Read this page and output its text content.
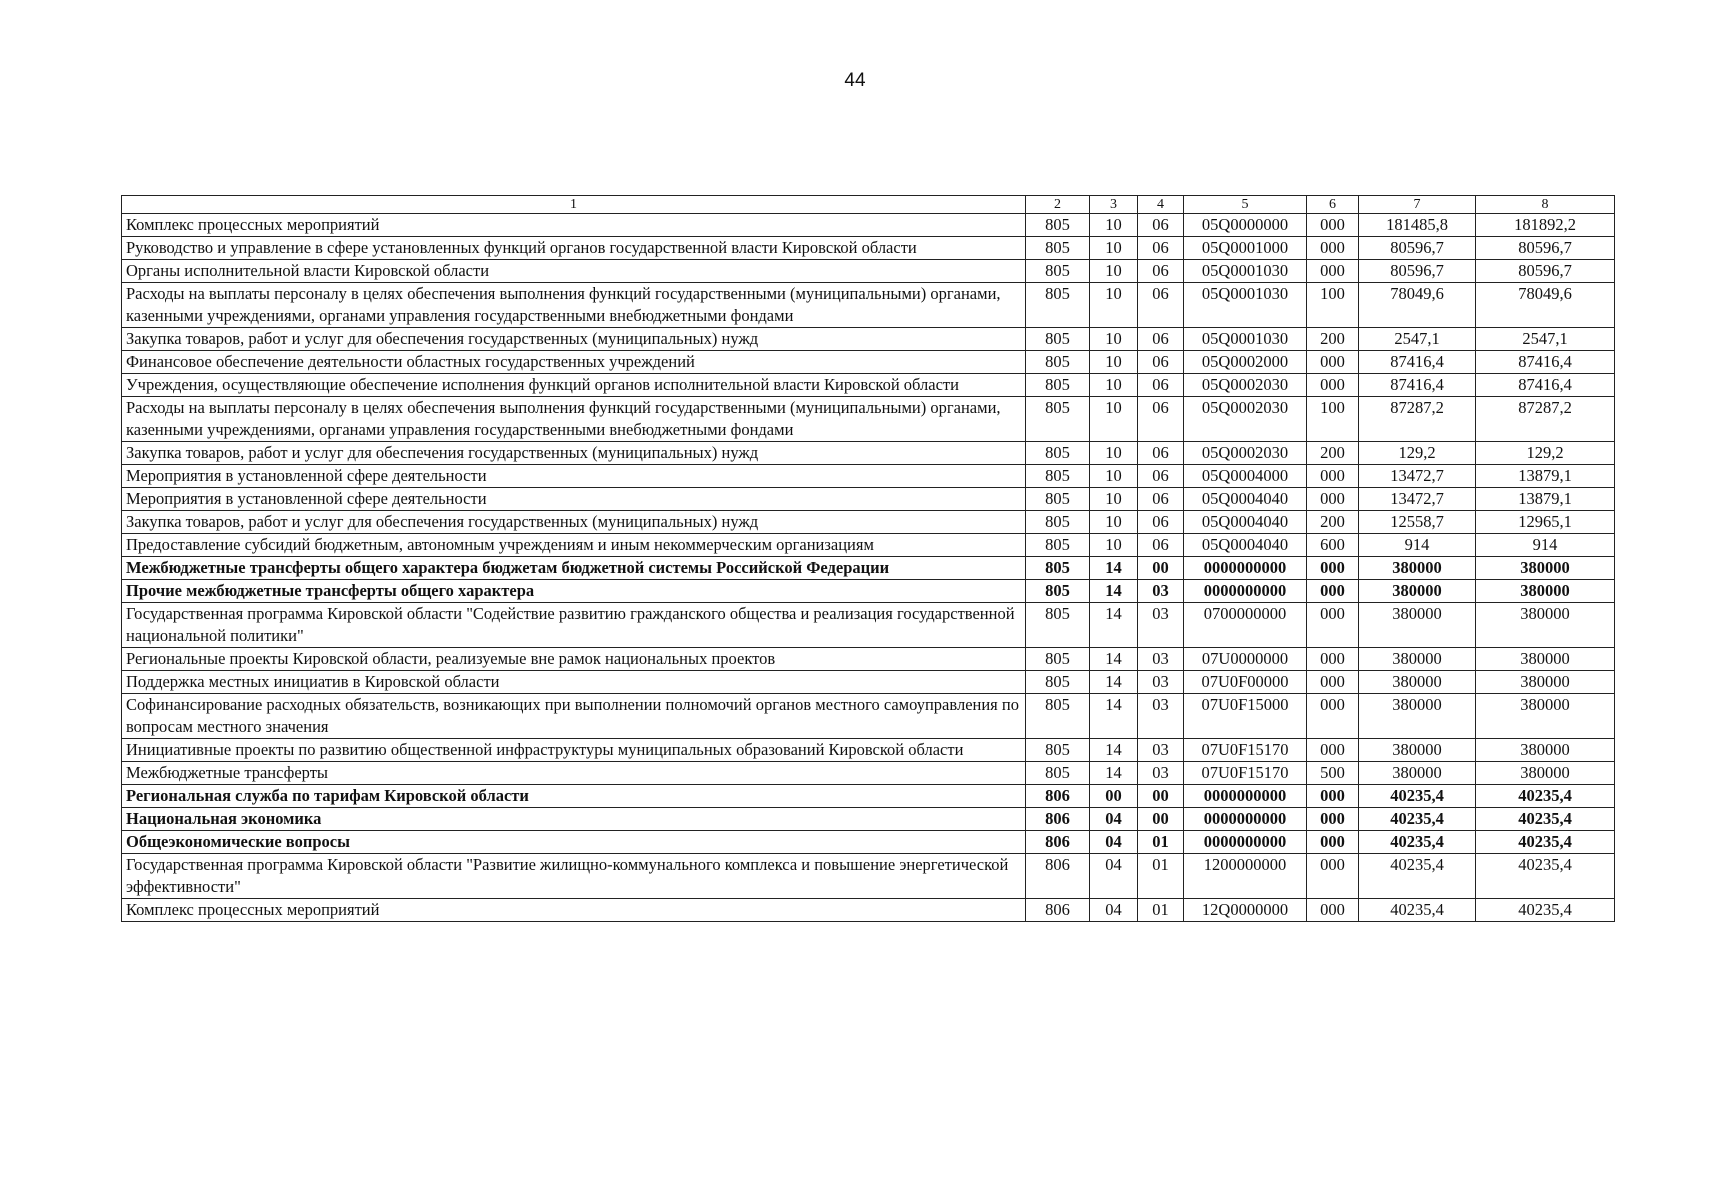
44
1	2	3	4	5	6	7	8
Комплекс процессных мероприятий	805	10	06	05Q0000000	000	181485,8	181892,2
Руководство и управление в сфере установленных функций органов государственной власти Кировской области	805	10	06	05Q0001000	000	80596,7	80596,7
Органы исполнительной власти Кировской области	805	10	06	05Q0001030	000	80596,7	80596,7
Расходы на выплаты персоналу в целях обеспечения выполнения функций государственными (муниципальными) органами, казенными учреждениями, органами управления государственными внебюджетными фондами	805	10	06	05Q0001030	100	78049,6	78049,6
Закупка товаров, работ и услуг для обеспечения государственных (муниципальных) нужд	805	10	06	05Q0001030	200	2547,1	2547,1
Финансовое обеспечение деятельности областных государственных учреждений	805	10	06	05Q0002000	000	87416,4	87416,4
Учреждения, осуществляющие обеспечение исполнения функций органов исполнительной власти Кировской области	805	10	06	05Q0002030	000	87416,4	87416,4
Расходы на выплаты персоналу в целях обеспечения выполнения функций государственными (муниципальными) органами, казенными учреждениями, органами управления государственными внебюджетными фондами	805	10	06	05Q0002030	100	87287,2	87287,2
Закупка товаров, работ и услуг для обеспечения государственных (муниципальных) нужд	805	10	06	05Q0002030	200	129,2	129,2
Мероприятия в установленной сфере деятельности	805	10	06	05Q0004000	000	13472,7	13879,1
Мероприятия в установленной сфере деятельности	805	10	06	05Q0004040	000	13472,7	13879,1
Закупка товаров, работ и услуг для обеспечения государственных (муниципальных) нужд	805	10	06	05Q0004040	200	12558,7	12965,1
Предоставление субсидий бюджетным, автономным учреждениям и иным некоммерческим организациям	805	10	06	05Q0004040	600	914	914
Межбюджетные трансферты общего характера бюджетам бюджетной системы Российской Федерации	805	14	00	0000000000	000	380000	380000
Прочие межбюджетные трансферты общего характера	805	14	03	0000000000	000	380000	380000
Государственная программа Кировской области "Содействие развитию гражданского общества и реализация государственной национальной политики"	805	14	03	0700000000	000	380000	380000
Региональные проекты Кировской области, реализуемые вне рамок национальных проектов	805	14	03	07U0000000	000	380000	380000
Поддержка местных инициатив в Кировской области	805	14	03	07U0F00000	000	380000	380000
Софинансирование расходных обязательств, возникающих при выполнении полномочий органов местного самоуправления по вопросам местного значения	805	14	03	07U0F15000	000	380000	380000
Инициативные проекты по развитию общественной инфраструктуры муниципальных образований Кировской области	805	14	03	07U0F15170	000	380000	380000
Межбюджетные трансферты	805	14	03	07U0F15170	500	380000	380000
Региональная служба по тарифам Кировской области	806	00	00	0000000000	000	40235,4	40235,4
Национальная экономика	806	04	00	0000000000	000	40235,4	40235,4
Общеэкономические вопросы	806	04	01	0000000000	000	40235,4	40235,4
Государственная программа Кировской области "Развитие жилищно-коммунального комплекса и повышение энергетической эффективности"	806	04	01	1200000000	000	40235,4	40235,4
Комплекс процессных мероприятий	806	04	01	12Q0000000	000	40235,4	40235,4
